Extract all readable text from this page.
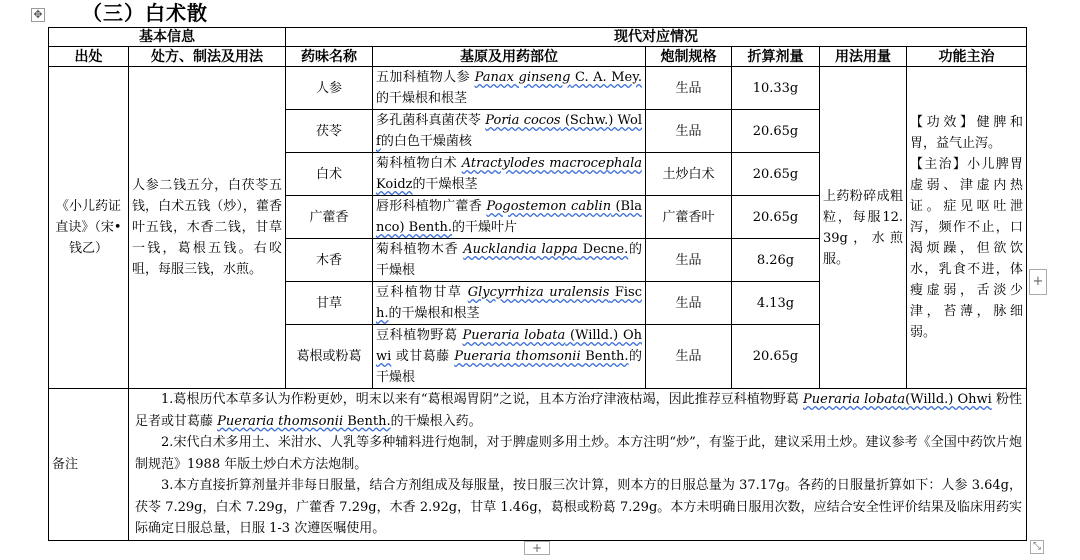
✥ （三）白术散
基本信息		现代对应情况					
出处	处方、制法及用法	药味名称	基原及用药部位	炮制规格	折算剂量	用法用量	功能主治
《小儿药证直诀》（宋•钱乙）	人参二钱五分，白茯苓五钱，白术五钱（炒），藿香叶五钱，木香二钱，甘草一钱，葛根五钱。右㕮咀，每服三钱，水煎。	人参	五加科植物人参 Panax ginseng C. A. Mey.的干燥根和根茎	生品	10.33g	上药粉碎成粗粒，每服12.39g，水煎服。	【功效】健脾和胃，益气止泻。
【主治】小儿脾胃虚弱、津虚内热证。症见呕吐泄泻，频作不止，口渴烦躁，但欲饮水，乳食不进，体瘦虚弱，舌淡少津，苔薄，脉细弱。

		茯苓	多孔菌科真菌茯苓 Poria cocos (Schw.) Wolf的白色干燥菌核	生品	20.65g		
		白术	菊科植物白术 Atractylodes macrocephala Koidz的干燥根茎	土炒白术	20.65g		
		广藿香	唇形科植物广藿香 Pogostemon cablin (Blanco) Benth.的干燥叶片	广藿香叶	20.65g		
		木香	菊科植物木香 Aucklandia lappa Decne.的干燥根	生品	8.26g		
		甘草	豆科植物甘草 Glycyrrhiza uralensis Fisch.的干燥根和根茎	生品	4.13g		
		葛根或粉葛	豆科植物野葛 Pueraria lobata (Willd.) Ohwi 或甘葛藤 Pueraria thomsonii Benth.的干燥根	生品	20.65g		
备注	1.葛根历代本草多认为作粉更妙，明末以来有“葛根竭胃阴”之说，且本方治疗津液枯竭，因此推荐豆科植物野葛 Pueraria lobata(Willd.) Ohwi 粉性足者或甘葛藤 Pueraria thomsonii Benth.的干燥根入药。

2.宋代白术多用土、米泔水、人乳等多种辅料进行炮制，对于脾虚则多用土炒。本方注明“炒”，有鉴于此，建议采用土炒。建议参考《全国中药饮片炮制规范》1988 年版土炒白术方法炮制。

3.本方直接折算剂量并非每日服量，结合方剂组成及每服量，按日服三次计算，则本方的日服总量为 37.17g。各药的日服量折算如下：人参 3.64g，茯苓 7.29g，白术 7.29g，广藿香 7.29g，木香 2.92g，甘草 1.46g，葛根或粉葛 7.29g。本方未明确日服用次数，应结合安全性评价结果及临床用药实际确定日服总量，日服 1-3 次遵医嘱使用。						

+
+	⤡
